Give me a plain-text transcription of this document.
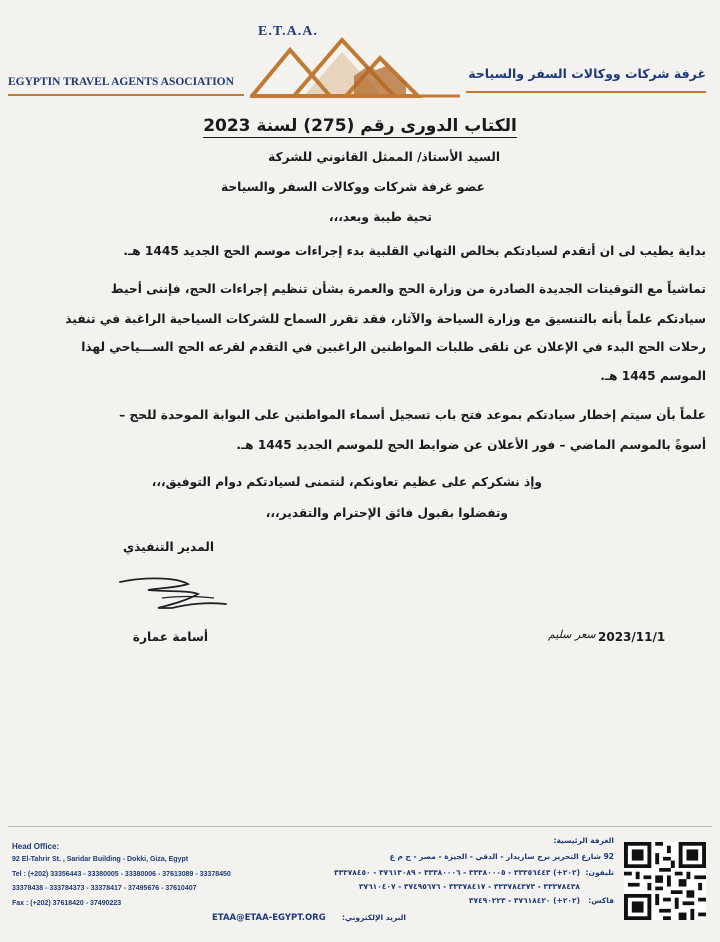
E.T.A.A.
EGYPTIN TRAVEL AGENTS ASOCIATION
غرفة شركات ووكالات السفر والسياحة
الكتاب الدورى رقم (275) لسنة 2023
السيد الأستاذ/ الممثل القانوني للشركة
عضو غرفة شركات ووكالات السفر والسياحة
تحية طيبة وبعد،،،
بداية يطيب لى ان أتقدم لسيادتكم بخالص التهاني القلبية بدء إجراءات موسم الحج الجديد 1445 هـ.
تماشياً مع التوقيتات الجديدة الصادرة من وزارة الحج والعمرة بشأن تنظيم إجراءات الحج، فإننى أحيط
سيادتكم علماً بأنه بالتنسيق مع وزارة السياحة والآثار، فقد تقرر السماح للشركات السياحية الراغبة في تنفيذ
رحلات الحج البدء في الإعلان عن تلقى طلبات المواطنين الراغبين في التقدم لقرعه الحج الســـياحي لهذا
الموسم 1445 هـ.
علماً بأن سيتم إخطار سيادتكم بموعد فتح باب تسجيل أسماء المواطنين على البوابة الموحدة للحج –
أسوةً بالموسم الماضي – فور الأعلان عن ضوابط الحج للموسم الجديد 1445 هـ.
وإذ نشكركم على عظيم تعاونكم، لنتمنى لسيادتكم دوام التوفيق،،،
وتفضلوا بقبول فائق الإحترام والتقدير،،،
المدير التنفيذي
أسامة عمارة	2023/11/1
سعر سليم
Head Office:
92 El-Tahrir St. , Saridar Building - Dokki, Giza, Egypt
Tel : (+202) 33356443 - 33380005 - 33380006 - 37613089 - 33378450
33378438 - 333784373 - 33378417 - 37495676 - 37610407
Fax : (+202) 37618420 - 37490223
ETAA@ETAA-EGYPT.ORG البريد الإلكتروني:
الغرفة الرئيسية:
92 شارع التحرير برج ساريدار - الدقي - الجيزة - مصر - ج م ع
تليفون:
(٢٠٢+) ٣٣٣٥٦٤٤٣ - ٣٣٣٨٠٠٠٥ - ٣٣٣٨٠٠٠٦ - ٣٧٦١٣٠٨٩ - ٣٣٣٧٨٤٥٠
٣٣٣٧٨٤٣٨ - ٣٣٣٧٨٤٣٧٣ - ٣٣٣٧٨٤١٧ - ٣٧٤٩٥٦٧٦ - ٣٧٦١٠٤٠٧
فاكس:
(٢٠٢+) ٣٧٦١٨٤٢٠ - ٣٧٤٩٠٢٢٣
